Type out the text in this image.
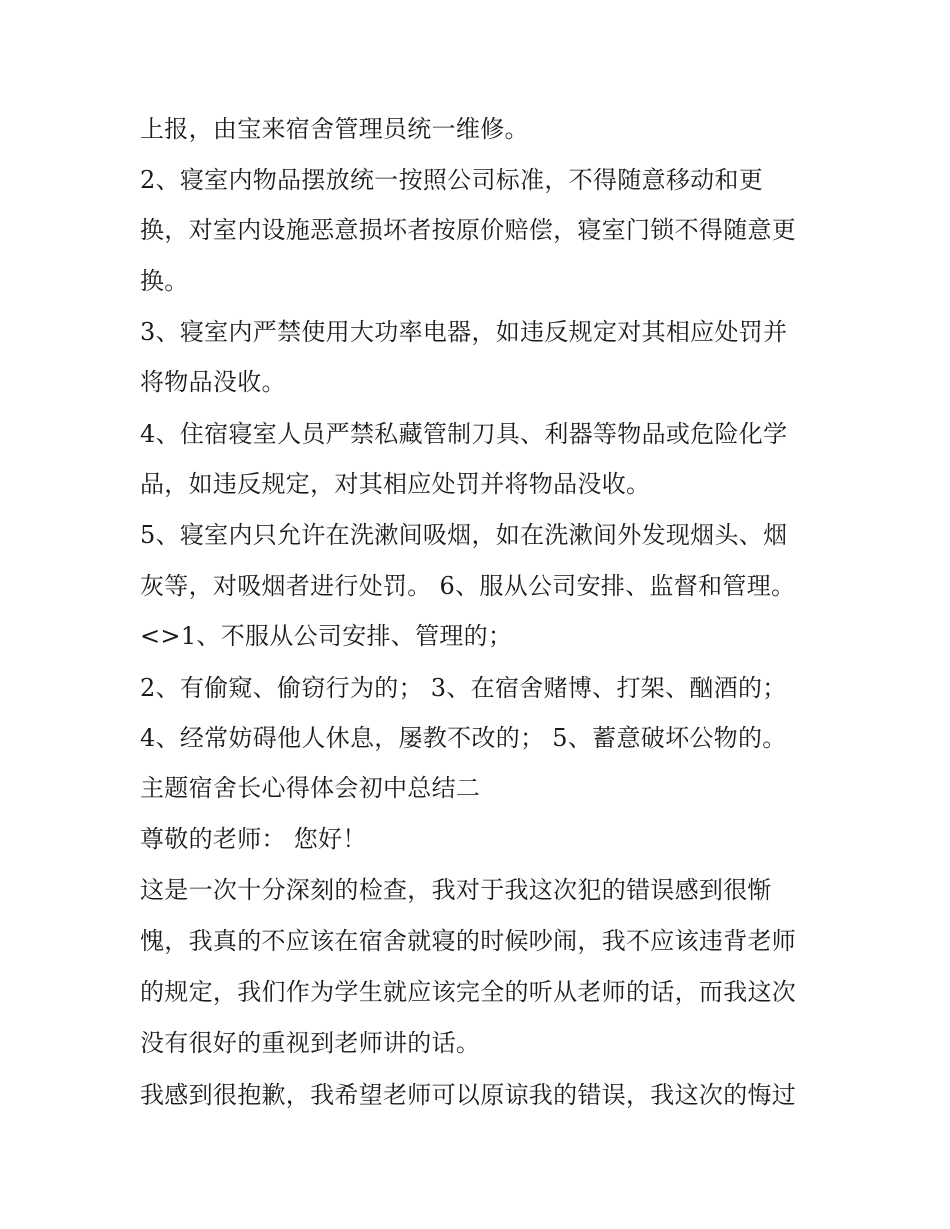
上报，由宝来宿舍管理员统一维修。
2、寝室内物品摆放统一按照公司标准，不得随意移动和更
换，对室内设施恶意损坏者按原价赔偿，寝室门锁不得随意更
换。
3、寝室内严禁使用大功率电器，如违反规定对其相应处罚并
将物品没收。
4、住宿寝室人员严禁私藏管制刀具、利器等物品或危险化学
品，如违反规定，对其相应处罚并将物品没收。
5、寝室内只允许在洗漱间吸烟，如在洗漱间外发现烟头、烟
灰等，对吸烟者进行处罚。 6、服从公司安排、监督和管理。
<>1、不服从公司安排、管理的；
2、有偷窥、偷窃行为的； 3、在宿舍赌博、打架、酗酒的；
4、经常妨碍他人休息，屡教不改的； 5、蓄意破坏公物的。
主题宿舍长心得体会初中总结二
尊敬的老师： 您好！
这是一次十分深刻的检查，我对于我这次犯的错误感到很惭
愧，我真的不应该在宿舍就寝的时候吵闹，我不应该违背老师
的规定，我们作为学生就应该完全的听从老师的话，而我这次
没有很好的重视到老师讲的话。
我感到很抱歉，我希望老师可以原谅我的错误，我这次的悔过
